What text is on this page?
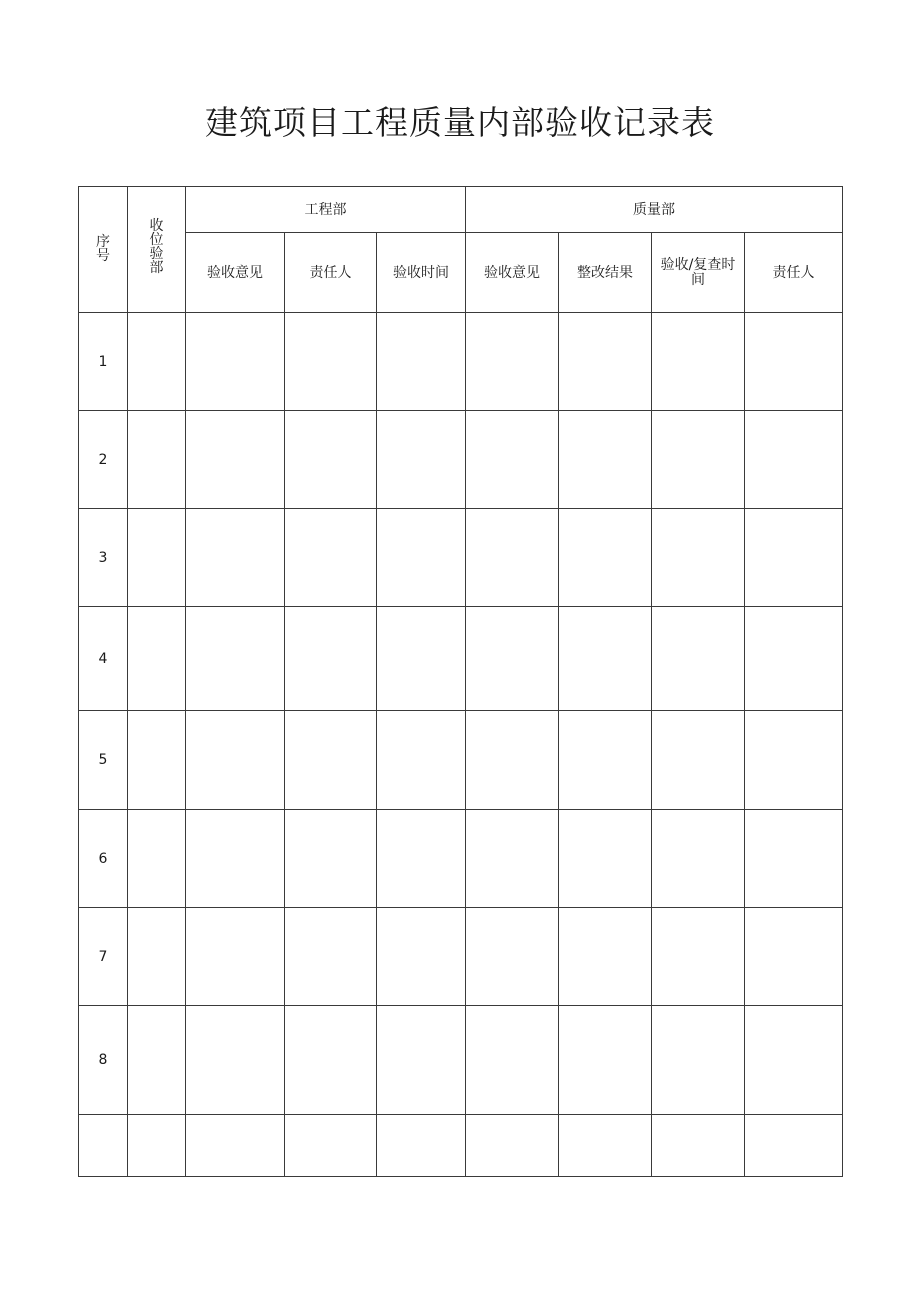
建筑项目工程质量内部验收记录表
序号	收位验部	工程部			质量部			
		验收意见	责任人	验收时间	验收意见	整改结果	验收/复查时间	责任人
1								
2								
3								
4								
5								
6								
7								
8								
